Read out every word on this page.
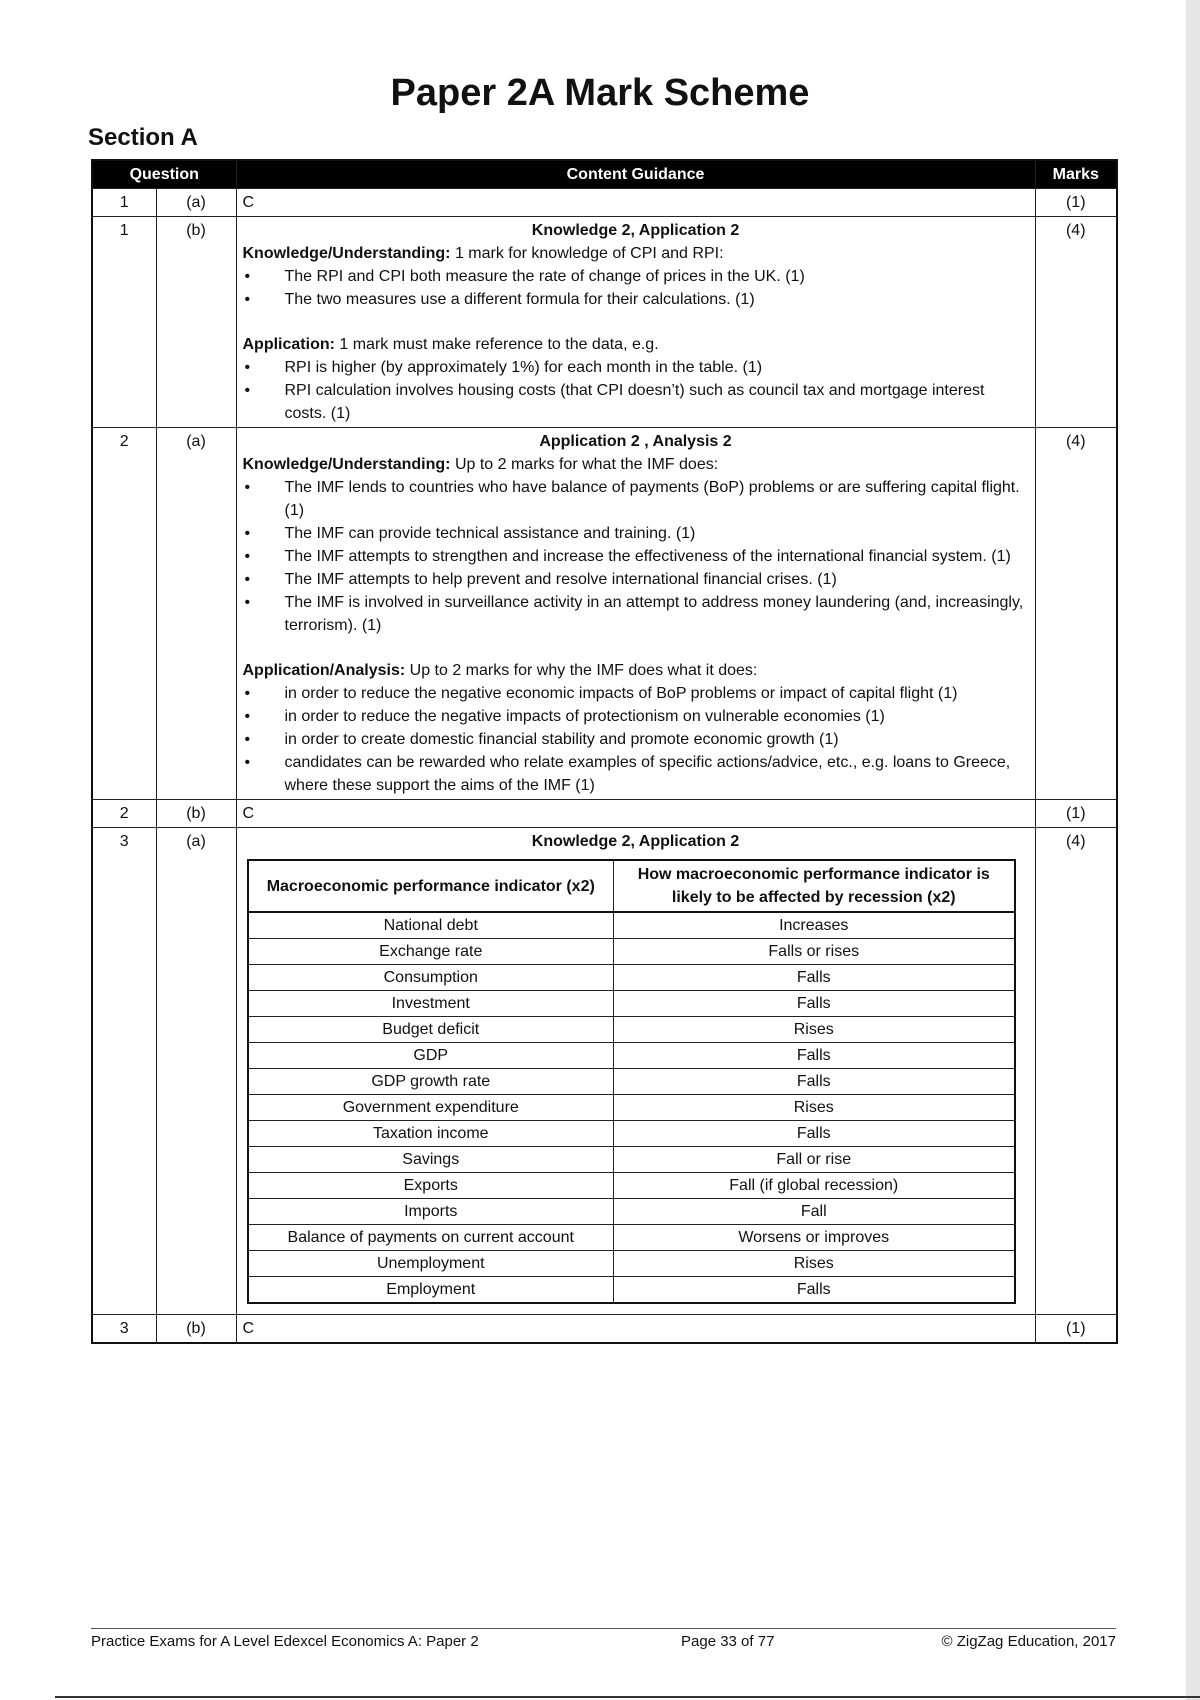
Paper 2A Mark Scheme
Section A
Question	Content Guidance	Marks
1	(a)	C	(1)
1	(b)	Knowledge 2, Application 2
Knowledge/Understanding: 1 mark for knowledge of CPI and RPI:
• The RPI and CPI both measure the rate of change of prices in the UK. (1)
• The two measures use a different formula for their calculations. (1)
Application: 1 mark must make reference to the data, e.g.
• RPI is higher (by approximately 1%) for each month in the table. (1)
• RPI calculation involves housing costs (that CPI doesn’t) such as council tax and mortgage interest costs. (1)
	(4)
2	(a)	Application 2 , Analysis 2
Knowledge/Understanding: Up to 2 marks for what the IMF does:
• The IMF lends to countries who have balance of payments (BoP) problems or are suffering capital flight. (1)
• The IMF can provide technical assistance and training. (1)
• The IMF attempts to strengthen and increase the effectiveness of the international financial system. (1)
• The IMF attempts to help prevent and resolve international financial crises. (1)
• The IMF is involved in surveillance activity in an attempt to address money laundering (and, increasingly, terrorism). (1)
Application/Analysis: Up to 2 marks for why the IMF does what it does:
• in order to reduce the negative economic impacts of BoP problems or impact of capital flight (1)
• in order to reduce the negative impacts of protectionism on vulnerable economies (1)
• in order to create domestic financial stability and promote economic growth (1)
• candidates can be rewarded who relate examples of specific actions/advice, etc., e.g. loans to Greece, where these support the aims of the IMF (1)
	(4)
2	(b)	C	(1)
3	(a)	Knowledge 2, Application 2
Macroeconomic performance indicator (x2)	How macroeconomic performance indicator is likely to be affected by recession (x2)
National debt	Increases
Exchange rate	Falls or rises
Consumption	Falls
Investment	Falls
Budget deficit	Rises
GDP	Falls
GDP growth rate	Falls
Government expenditure	Rises
Taxation income	Falls
Savings	Fall or rise
Exports	Fall (if global recession)
Imports	Fall
Balance of payments on current account	Worsens or improves
Unemployment	Rises
Employment	Falls
	(4)
3	(b)	C	(1)
Practice Exams for A Level Edexcel Economics A: Paper 2	Page 33 of 77	© ZigZag Education, 2017
